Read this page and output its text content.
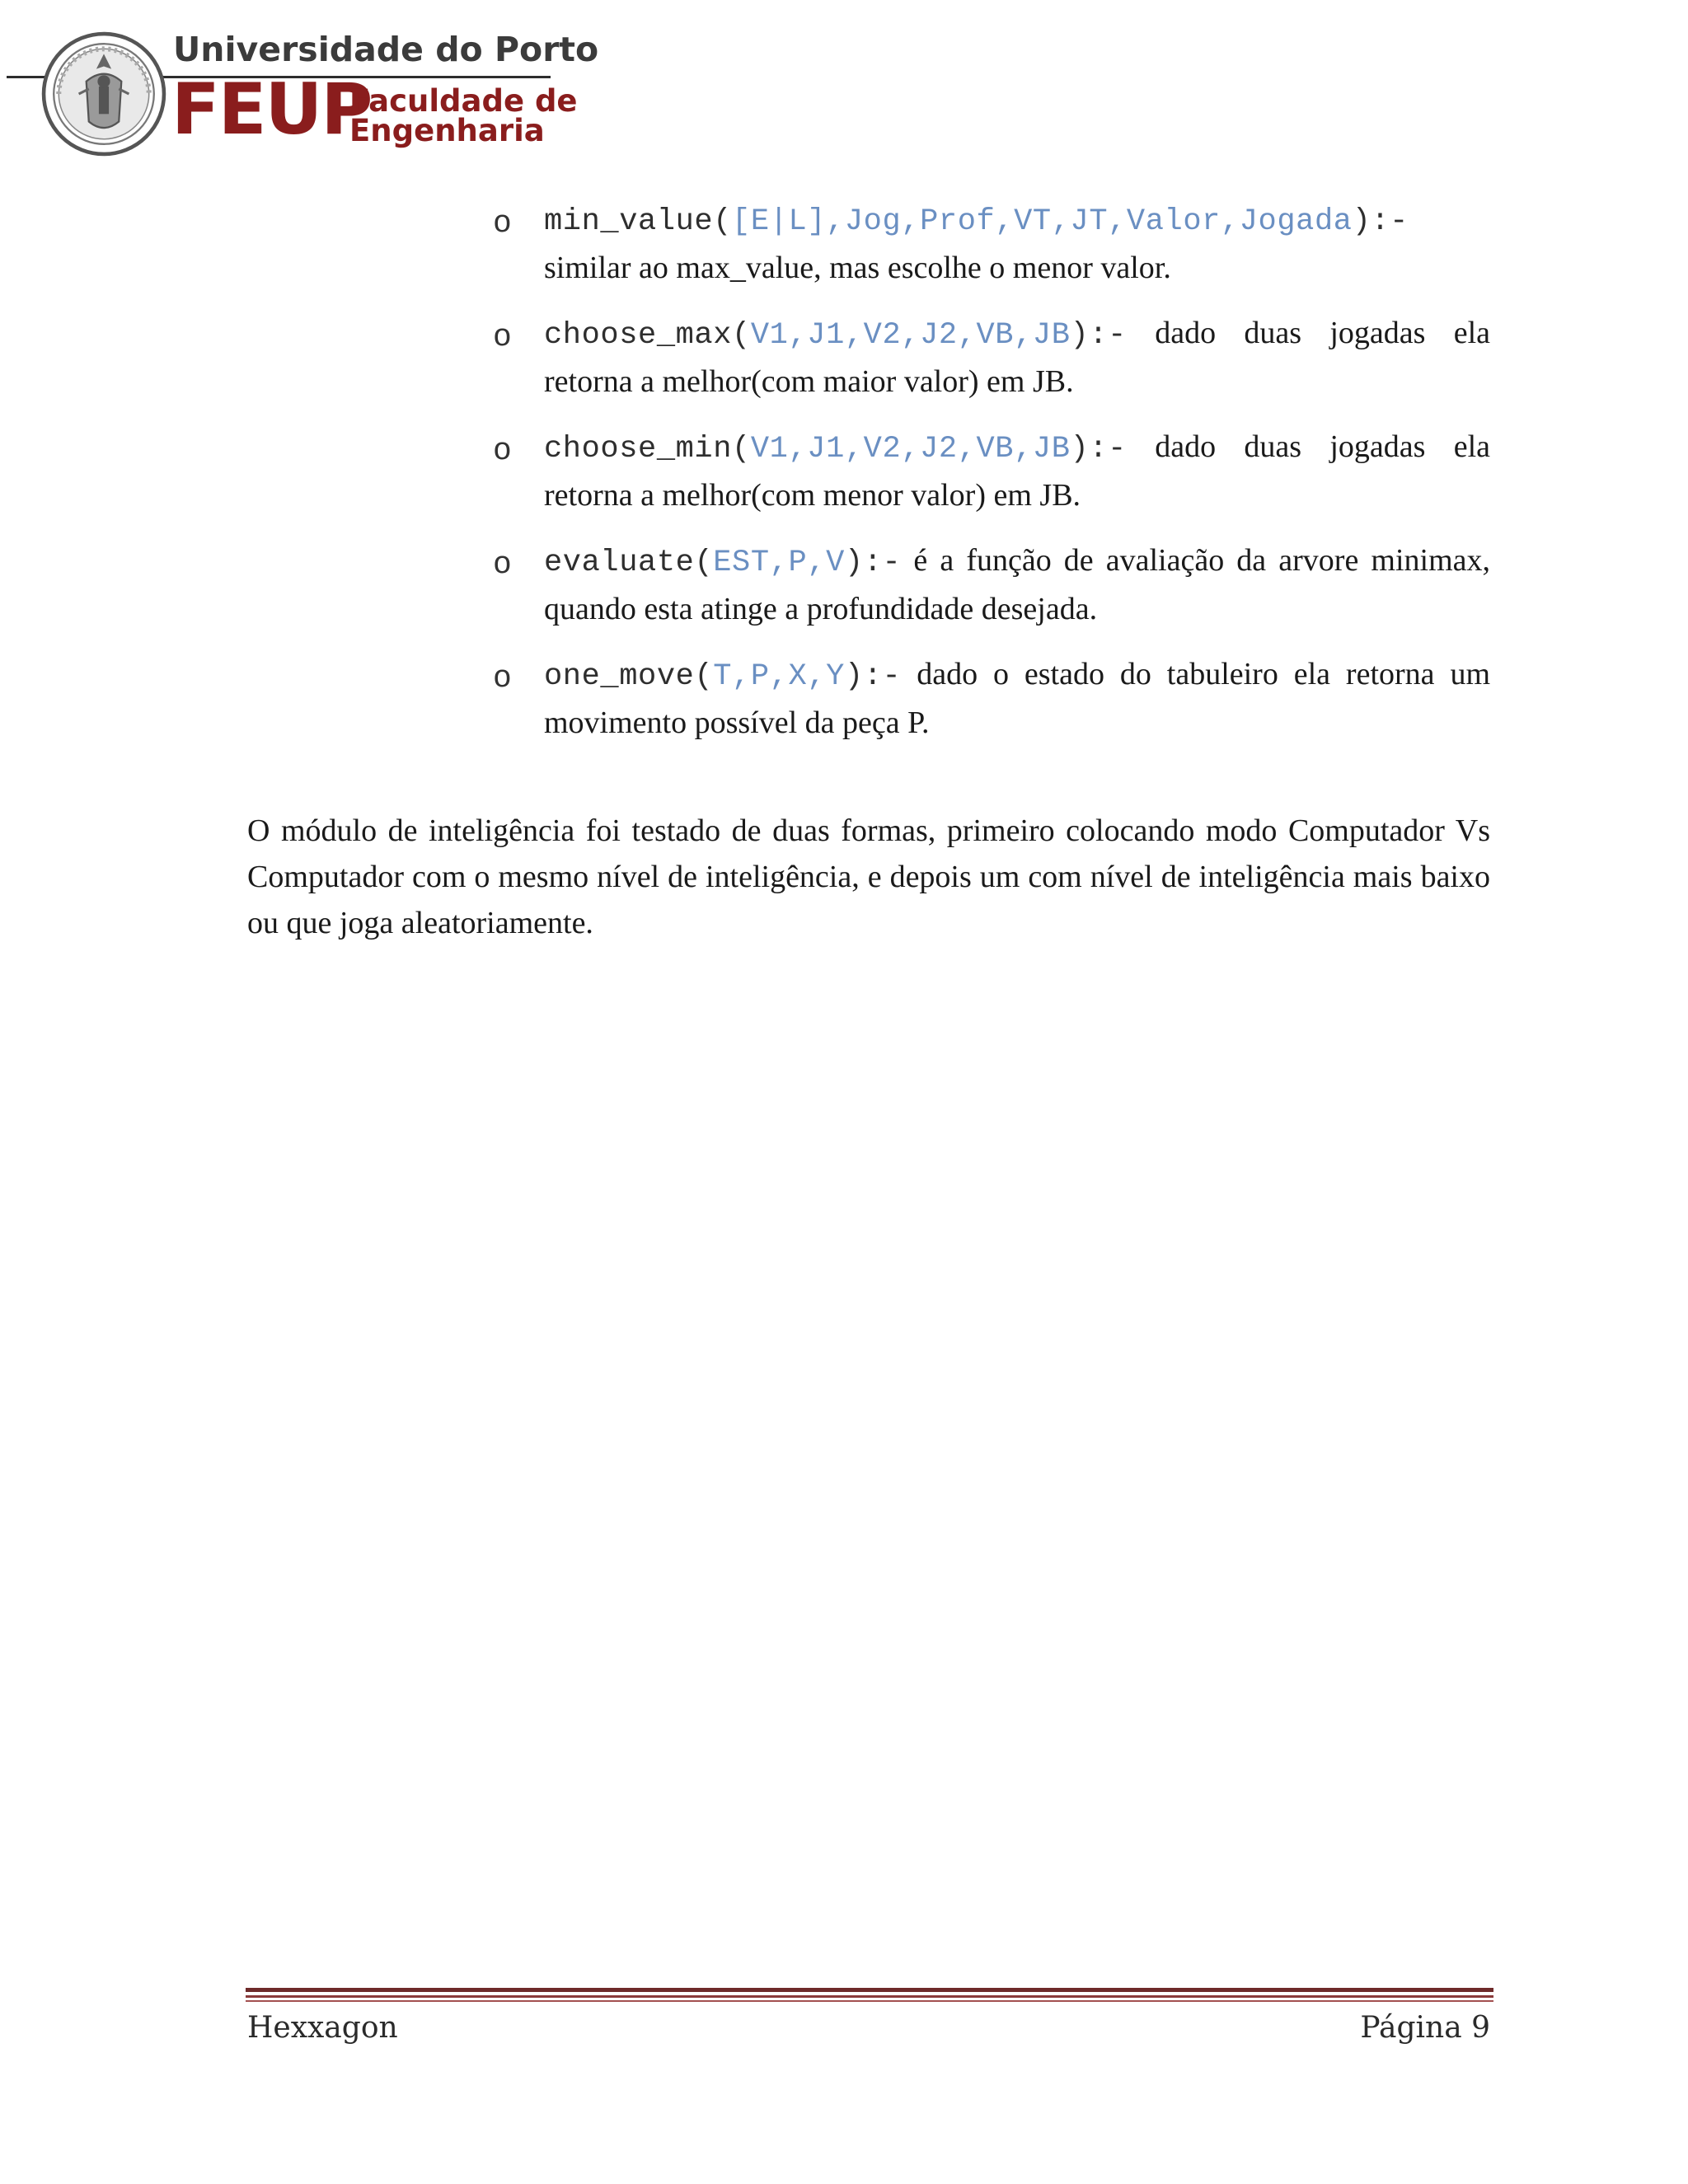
Universidade do Porto
FEUP
Faculdade de
Engenharia
o min_value([E|L],Jog,Prof,VT,JT,Valor,Jogada):- similar ao max_value, mas escolhe o menor valor.

o choose_max(V1,J1,V2,J2,VB,JB):- dado duas jogadas ela retorna a melhor(com maior valor) em JB.

o choose_min(V1,J1,V2,J2,VB,JB):- dado duas jogadas ela retorna a melhor(com menor valor) em JB.

o evaluate(EST,P,V):- é a função de avaliação da arvore minimax, quando esta atinge a profundidade desejada.

o one_move(T,P,X,Y):- dado o estado do tabuleiro ela retorna um movimento possível da peça P.

O módulo de inteligência foi testado de duas formas, primeiro colocando modo Computador Vs Computador com o mesmo nível de inteligência, e depois um com nível de inteligência mais baixo ou que joga aleatoriamente.

Hexxagon	Página 9
